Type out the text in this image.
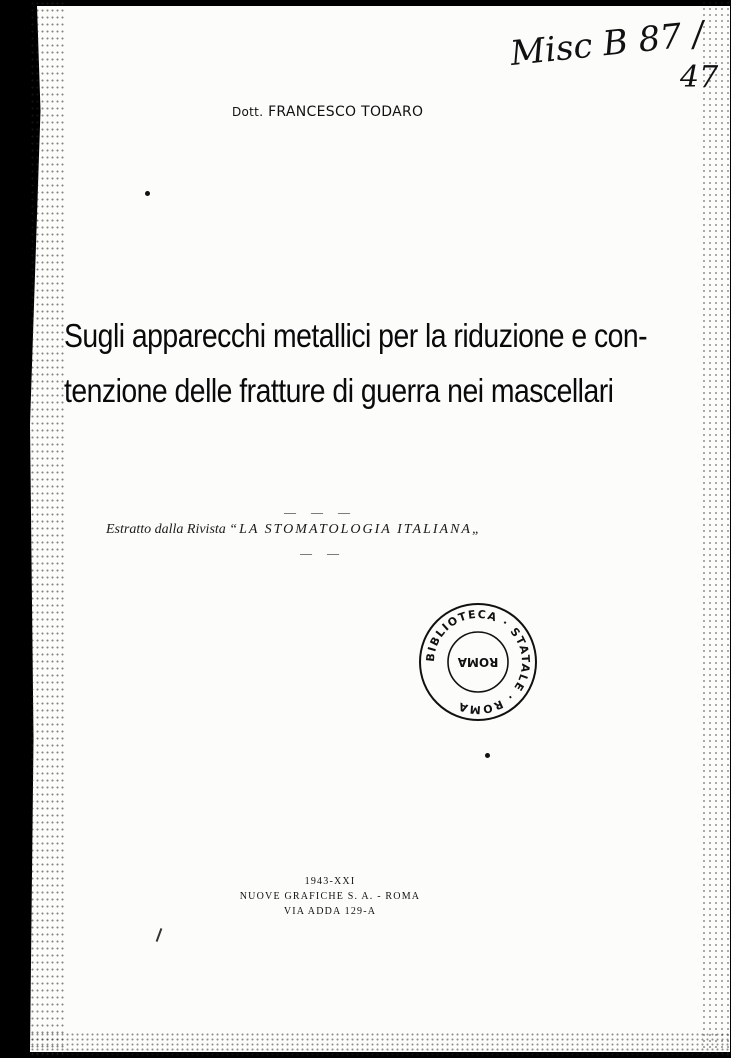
Misc B 87 /
47
Dott. FRANCESCO TODARO
Sugli apparecchi metallici per la riduzione e con-
tenzione delle fratture di guerra nei mascellari
— — —
Estratto dalla Rivista “LA STOMATOLOGIA ITALIANA„
— —
BIBLIOTECA · STATALE · ROMA
ROMA
1943-XXI
NUOVE GRAFICHE S. A. - ROMA
VIA ADDA 129-A
